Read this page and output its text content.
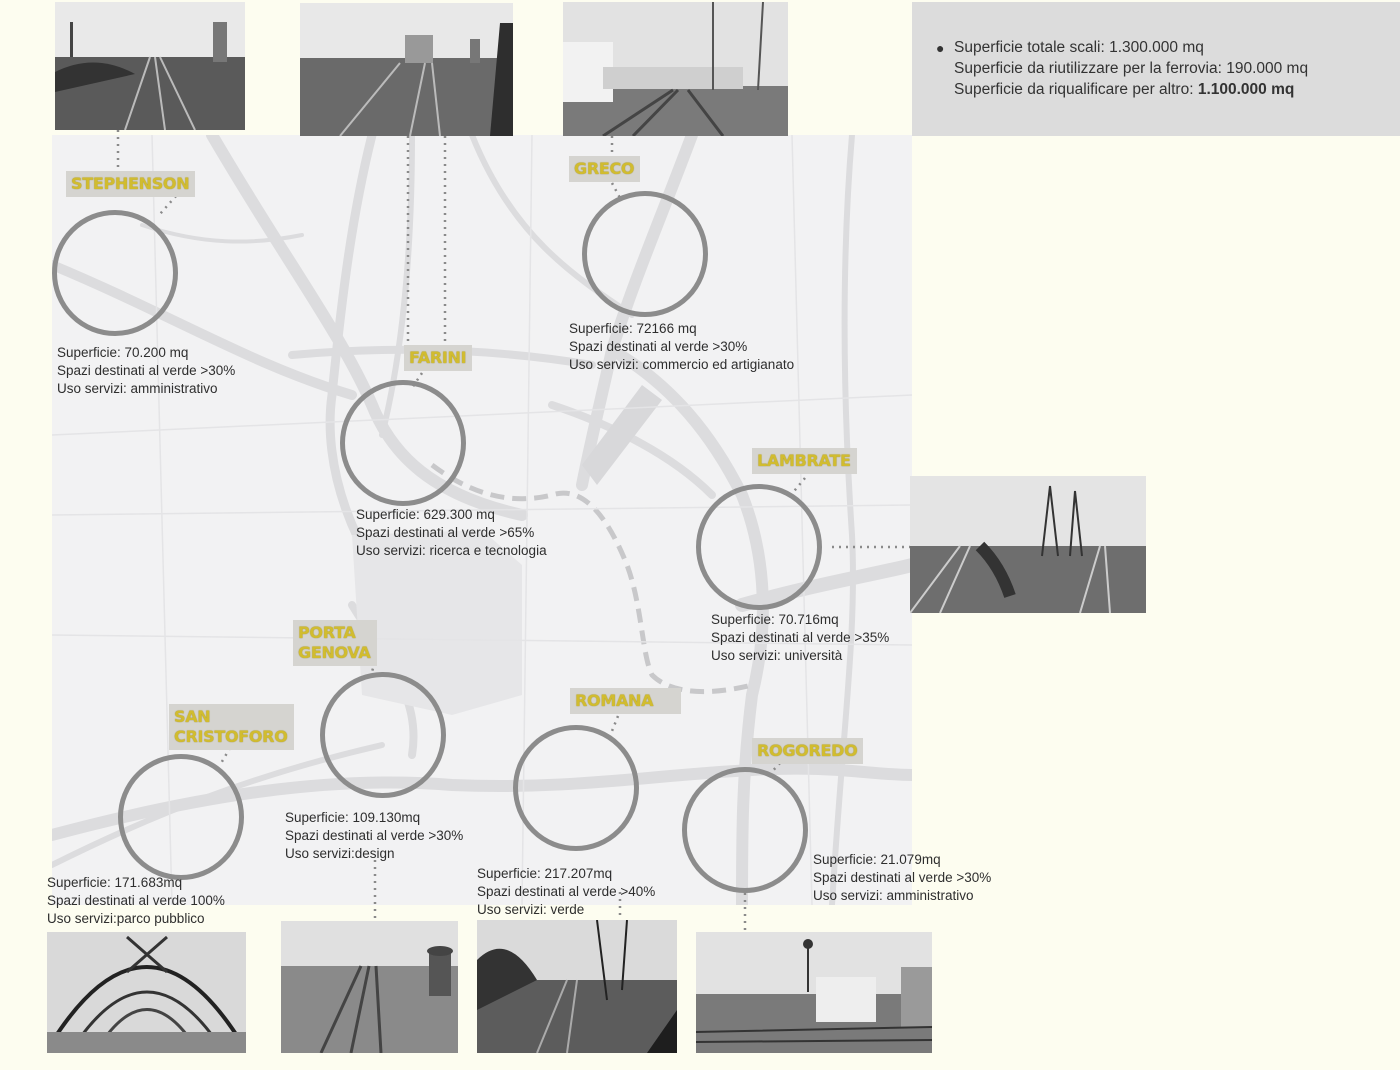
● Superficie totale scali: 1.300.000 mq
Superficie da riutilizzare per la ferrovia: 190.000 mq
Superficie da riqualificare per altro: 1.100.000 mq
STEPHENSON
FARINI
GRECO
LAMBRATE
PORTA
GENOVA
SAN
CRISTOFORO
ROMANA
ROGOREDO
Superficie: 70.200 mq
Spazi destinati al verde >30%
Uso servizi: amministrativo
Superficie: 629.300 mq
Spazi destinati al verde >65%
Uso servizi: ricerca e tecnologia
Superficie: 72166 mq
Spazi destinati al verde >30%
Uso servizi: commercio ed artigianato
Superficie: 70.716mq
Spazi destinati al verde >35%
Uso servizi: università
Superficie: 109.130mq
Spazi destinati al verde >30%
Uso servizi:design
Superficie: 171.683mq
Spazi destinati al verde 100%
Uso servizi:parco pubblico
Superficie: 217.207mq
Spazi destinati al verde >40%
Uso servizi: verde
Superficie: 21.079mq
Spazi destinati al verde >30%
Uso servizi: amministrativo
